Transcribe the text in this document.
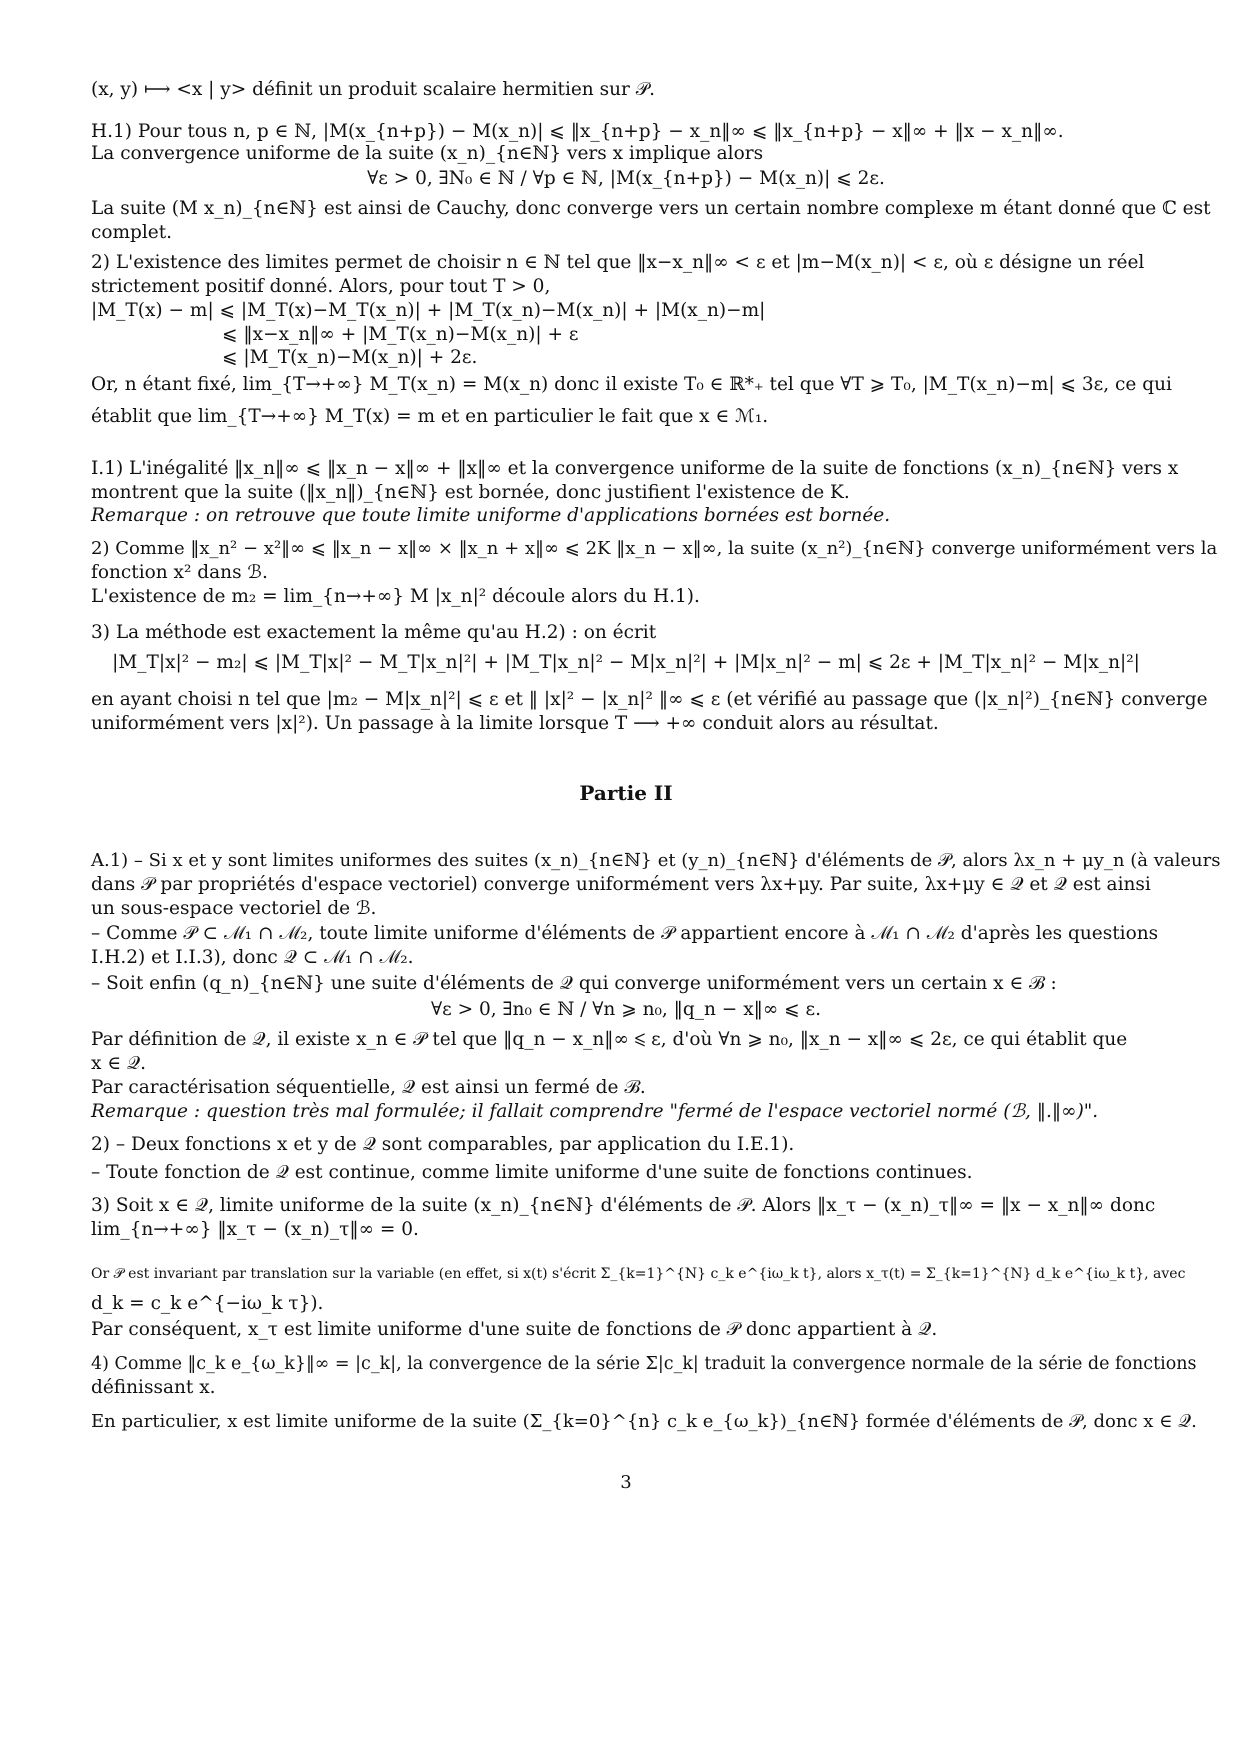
(x, y) ⟼ <x | y> définit un produit scalaire hermitien sur 𝒫.
H.1) Pour tous n, p ∈ ℕ, |M(x_{n+p}) − M(x_n)| ⩽ ‖x_{n+p} − x_n‖∞ ⩽ ‖x_{n+p} − x‖∞ + ‖x − x_n‖∞.
La convergence uniforme de la suite (x_n)_{n∈ℕ} vers x implique alors
∀ε > 0, ∃N₀ ∈ ℕ / ∀p ∈ ℕ, |M(x_{n+p}) − M(x_n)| ⩽ 2ε.
La suite (M x_n)_{n∈ℕ} est ainsi de Cauchy, donc converge vers un certain nombre complexe m étant donné que ℂ est
complet.
2) L'existence des limites permet de choisir n ∈ ℕ tel que ‖x−x_n‖∞ < ε et |m−M(x_n)| < ε, où ε désigne un réel
strictement positif donné. Alors, pour tout T > 0,
|M_T(x) − m| ⩽ |M_T(x)−M_T(x_n)| + |M_T(x_n)−M(x_n)| + |M(x_n)−m|
⩽ ‖x−x_n‖∞ + |M_T(x_n)−M(x_n)| + ε
⩽ |M_T(x_n)−M(x_n)| + 2ε.
Or, n étant fixé, lim_{T→+∞} M_T(x_n) = M(x_n) donc il existe T₀ ∈ ℝ*₊ tel que ∀T ⩾ T₀, |M_T(x_n)−m| ⩽ 3ε, ce qui
établit que lim_{T→+∞} M_T(x) = m et en particulier le fait que x ∈ ℳ₁.
I.1) L'inégalité ‖x_n‖∞ ⩽ ‖x_n − x‖∞ + ‖x‖∞ et la convergence uniforme de la suite de fonctions (x_n)_{n∈ℕ} vers x
montrent que la suite (‖x_n‖)_{n∈ℕ} est bornée, donc justifient l'existence de K.
Remarque : on retrouve que toute limite uniforme d'applications bornées est bornée.
2) Comme ‖x_n² − x²‖∞ ⩽ ‖x_n − x‖∞ × ‖x_n + x‖∞ ⩽ 2K ‖x_n − x‖∞, la suite (x_n²)_{n∈ℕ} converge uniformément vers la
fonction x² dans ℬ.
L'existence de m₂ = lim_{n→+∞} M |x_n|² découle alors du H.1).
3) La méthode est exactement la même qu'au H.2) : on écrit
|M_T|x|² − m₂| ⩽ |M_T|x|² − M_T|x_n|²| + |M_T|x_n|² − M|x_n|²| + |M|x_n|² − m| ⩽ 2ε + |M_T|x_n|² − M|x_n|²|
en ayant choisi n tel que |m₂ − M|x_n|²| ⩽ ε et ‖ |x|² − |x_n|² ‖∞ ⩽ ε (et vérifié au passage que (|x_n|²)_{n∈ℕ} converge
uniformément vers |x|²). Un passage à la limite lorsque T ⟶ +∞ conduit alors au résultat.
Partie II
A.1) – Si x et y sont limites uniformes des suites (x_n)_{n∈ℕ} et (y_n)_{n∈ℕ} d'éléments de 𝒫, alors λx_n + μy_n (à valeurs
dans 𝒫 par propriétés d'espace vectoriel) converge uniformément vers λx+μy. Par suite, λx+μy ∈ 𝒬 et 𝒬 est ainsi
un sous-espace vectoriel de ℬ.
– Comme 𝒫 ⊂ ℳ₁ ∩ ℳ₂, toute limite uniforme d'éléments de 𝒫 appartient encore à ℳ₁ ∩ ℳ₂ d'après les questions
I.H.2) et I.I.3), donc 𝒬 ⊂ ℳ₁ ∩ ℳ₂.
– Soit enfin (q_n)_{n∈ℕ} une suite d'éléments de 𝒬 qui converge uniformément vers un certain x ∈ ℬ :
∀ε > 0, ∃n₀ ∈ ℕ / ∀n ⩾ n₀, ‖q_n − x‖∞ ⩽ ε.
Par définition de 𝒬, il existe x_n ∈ 𝒫 tel que ‖q_n − x_n‖∞ ⩽ ε, d'où ∀n ⩾ n₀, ‖x_n − x‖∞ ⩽ 2ε, ce qui établit que
x ∈ 𝒬.
Par caractérisation séquentielle, 𝒬 est ainsi un fermé de ℬ.
Remarque : question très mal formulée; il fallait comprendre "fermé de l'espace vectoriel normé (ℬ, ‖.‖∞)".
2) – Deux fonctions x et y de 𝒬 sont comparables, par application du I.E.1).
– Toute fonction de 𝒬 est continue, comme limite uniforme d'une suite de fonctions continues.
3) Soit x ∈ 𝒬, limite uniforme de la suite (x_n)_{n∈ℕ} d'éléments de 𝒫. Alors ‖x_τ − (x_n)_τ‖∞ = ‖x − x_n‖∞ donc
lim_{n→+∞} ‖x_τ − (x_n)_τ‖∞ = 0.
Or 𝒫 est invariant par translation sur la variable (en effet, si x(t) s'écrit Σ_{k=1}^{N} c_k e^{iω_k t}, alors x_τ(t) = Σ_{k=1}^{N} d_k e^{iω_k t}, avec
d_k = c_k e^{−iω_k τ}).
Par conséquent, x_τ est limite uniforme d'une suite de fonctions de 𝒫 donc appartient à 𝒬.
4) Comme ‖c_k e_{ω_k}‖∞ = |c_k|, la convergence de la série Σ|c_k| traduit la convergence normale de la série de fonctions
définissant x.
En particulier, x est limite uniforme de la suite (Σ_{k=0}^{n} c_k e_{ω_k})_{n∈ℕ} formée d'éléments de 𝒫, donc x ∈ 𝒬.
3
